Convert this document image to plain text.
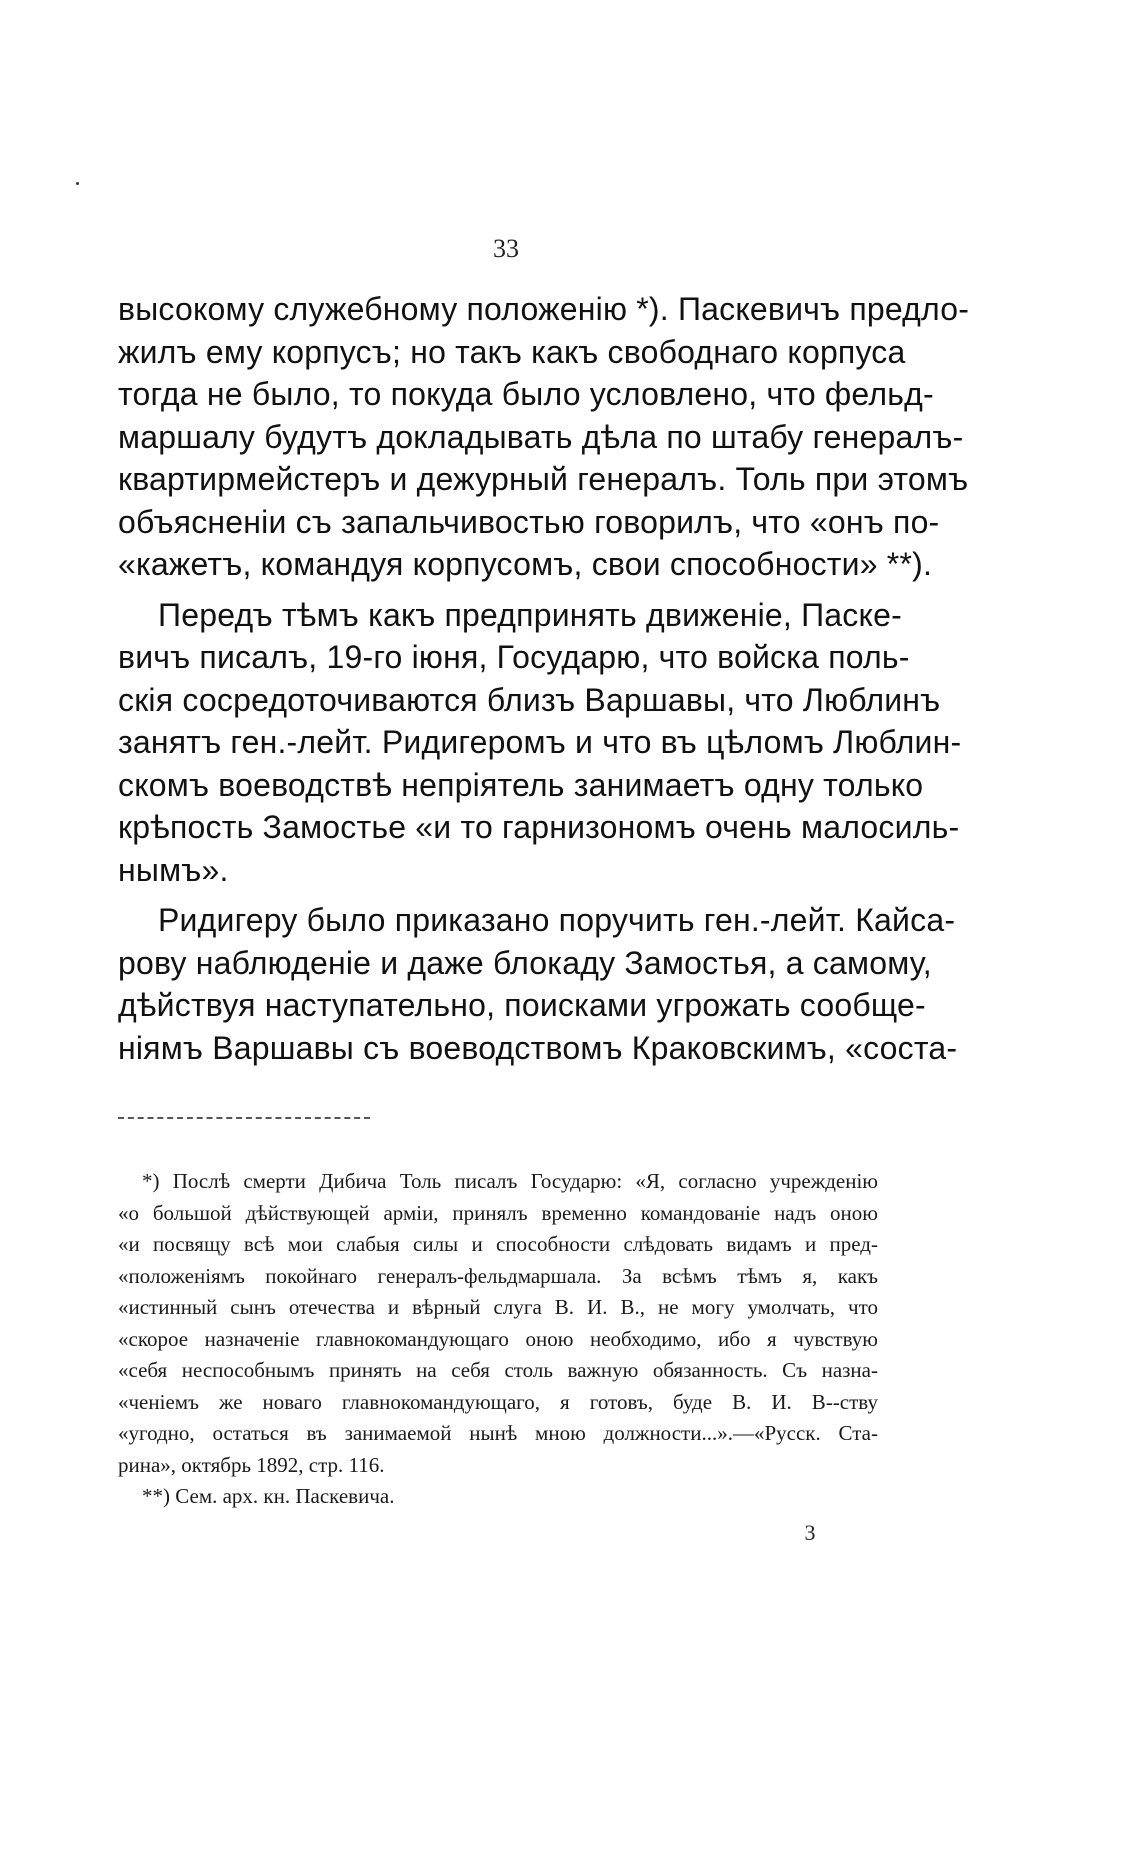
33
высокому служебному положенію *). Паскевичъ предло-
жилъ ему корпусъ; но такъ какъ свободнаго корпуса
тогда не было, то покуда было условлено, что фельд-
маршалу будутъ докладывать дѣла по штабу генералъ-
квартирмейстеръ и дежурный генералъ. Толь при этомъ
объясненіи съ запальчивостью говорилъ, что «онъ по-
«кажетъ, командуя корпусомъ, свои способности» **).
Передъ тѣмъ какъ предпринять движеніе, Паске-
вичъ писалъ, 19-го іюня, Государю, что войска поль-
скія сосредоточиваются близъ Варшавы, что Люблинъ
занятъ ген.-лейт. Ридигеромъ и что въ цѣломъ Люблин-
скомъ воеводствѣ непріятель занимаетъ одну только
крѣпость Замостье «и то гарнизономъ очень малосиль-
нымъ».
Ридигеру было приказано поручить ген.-лейт. Кайса-
рову наблюденіе и даже блокаду Замостья, а самому,
дѣйствуя наступательно, поисками угрожать сообще-
ніямъ Варшавы съ воеводствомъ Краковскимъ, «соста-
*) Послѣ смерти Дибича Толь писалъ Государю: «Я, согласно учрежденію
«о большой дѣйствующей арміи, принялъ временно командованіе надъ оною
«и посвящу всѣ мои слабыя силы и способности слѣдовать видамъ и пред-
«положеніямъ покойнаго генералъ-фельдмаршала. За всѣмъ тѣмъ я, какъ
«истинный сынъ отечества и вѣрный слуга В. И. В., не могу умолчать, что
«скорое назначеніе главнокомандующаго оною необходимо, ибо я чувствую
«себя неспособнымъ принять на себя столь важную обязанность. Съ назна-
«ченіемъ же новаго главнокомандующаго, я готовъ, буде В. И. В--ству
«угодно, остаться въ занимаемой нынѣ мною должности...».—«Русск. Ста-
рина», октябрь 1892, стр. 116.
**) Сем. арх. кн. Паскевича.
3
